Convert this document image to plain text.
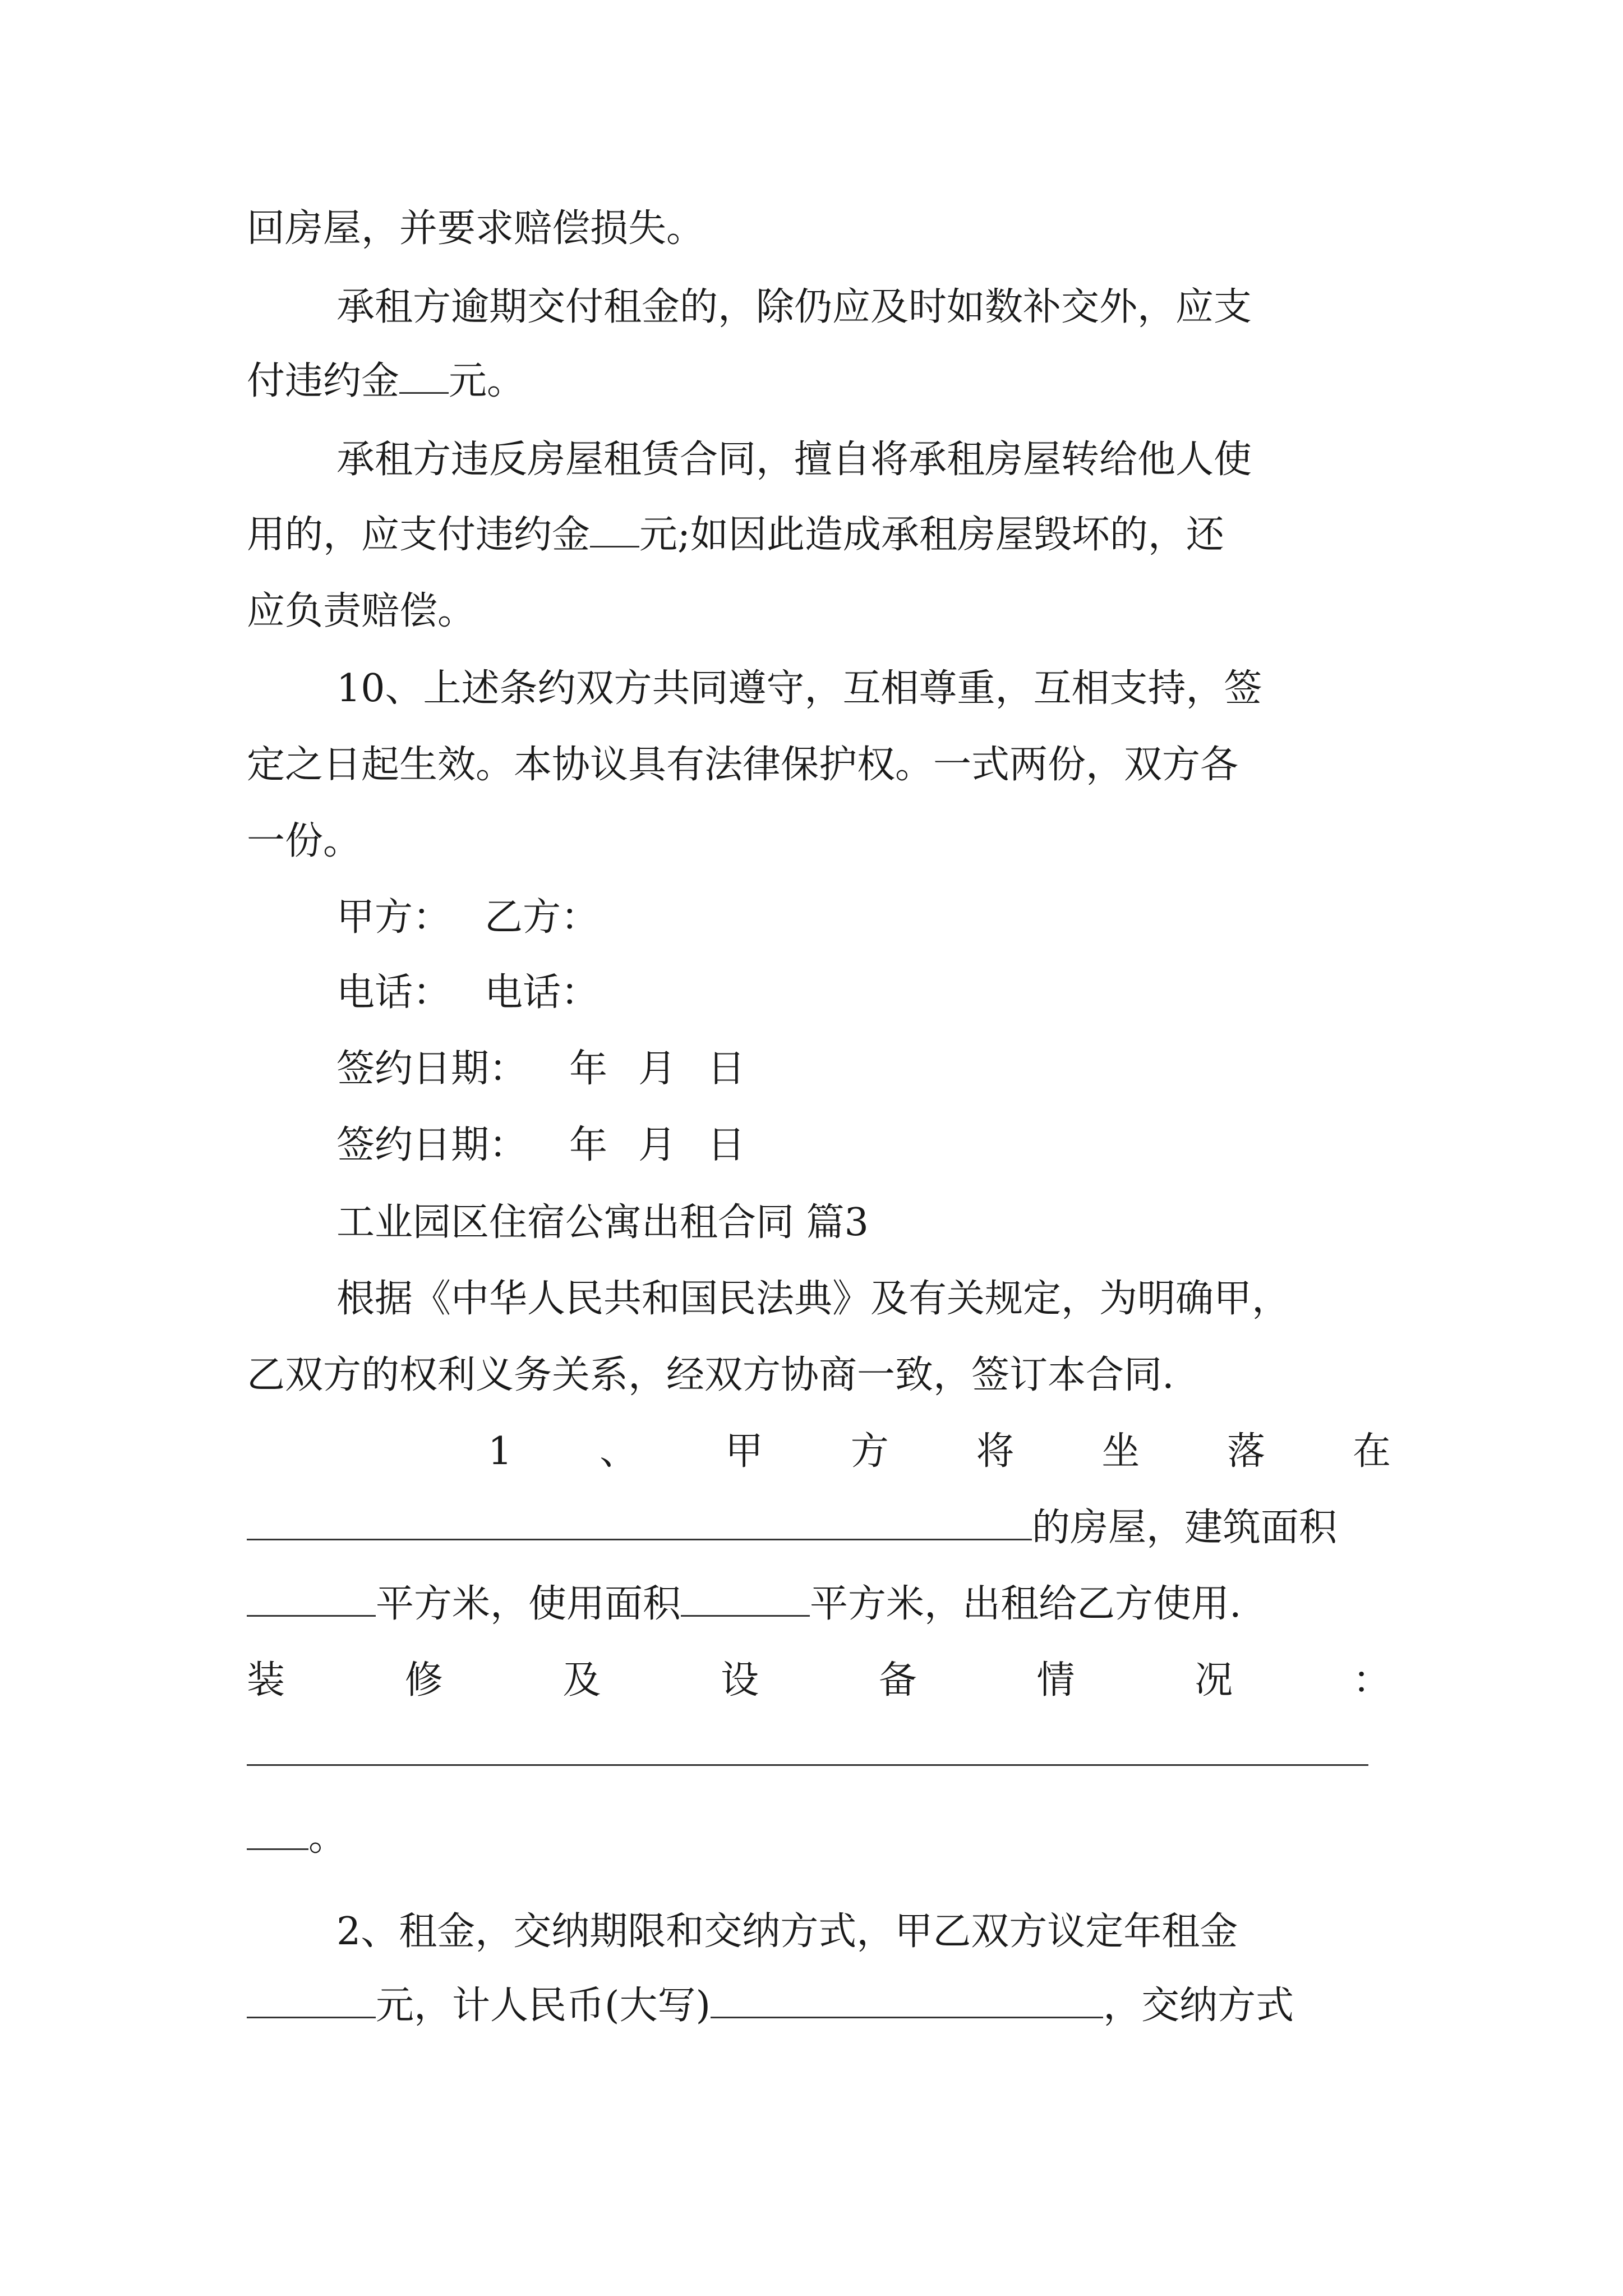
回房屋，并要求赔偿损失。

承租方逾期交付租金的，除仍应及时如数补交外，应支

付违约金 元。

承租方违反房屋租赁合同，擅自将承租房屋转给他人使

用的，应支付违约金 元;如因此造成承租房屋毁坏的，还

应负责赔偿。

10、上述条约双方共同遵守，互相尊重，互相支持，签

定之日起生效。本协议具有法律保护权。一式两份，双方各

一份。

甲方： 乙方：

电话： 电话：

签约日期： 年 月 日

签约日期： 年 月 日

工业园区住宿公寓出租合同 篇3

根据《中华人民共和国民法典》及有关规定，为明确甲，

乙双方的权利义务关系，经双方协商一致，签订本合同.

1 、 甲 方 将 坐 落 在

的房屋，建筑面积

平方米，使用面积	平方米，出租给乙方使用.

装	修	及	设	备	情	况	：

。

2、租金，交纳期限和交纳方式，甲乙双方议定年租金

元，计人民币(大写)	，交纳方式
